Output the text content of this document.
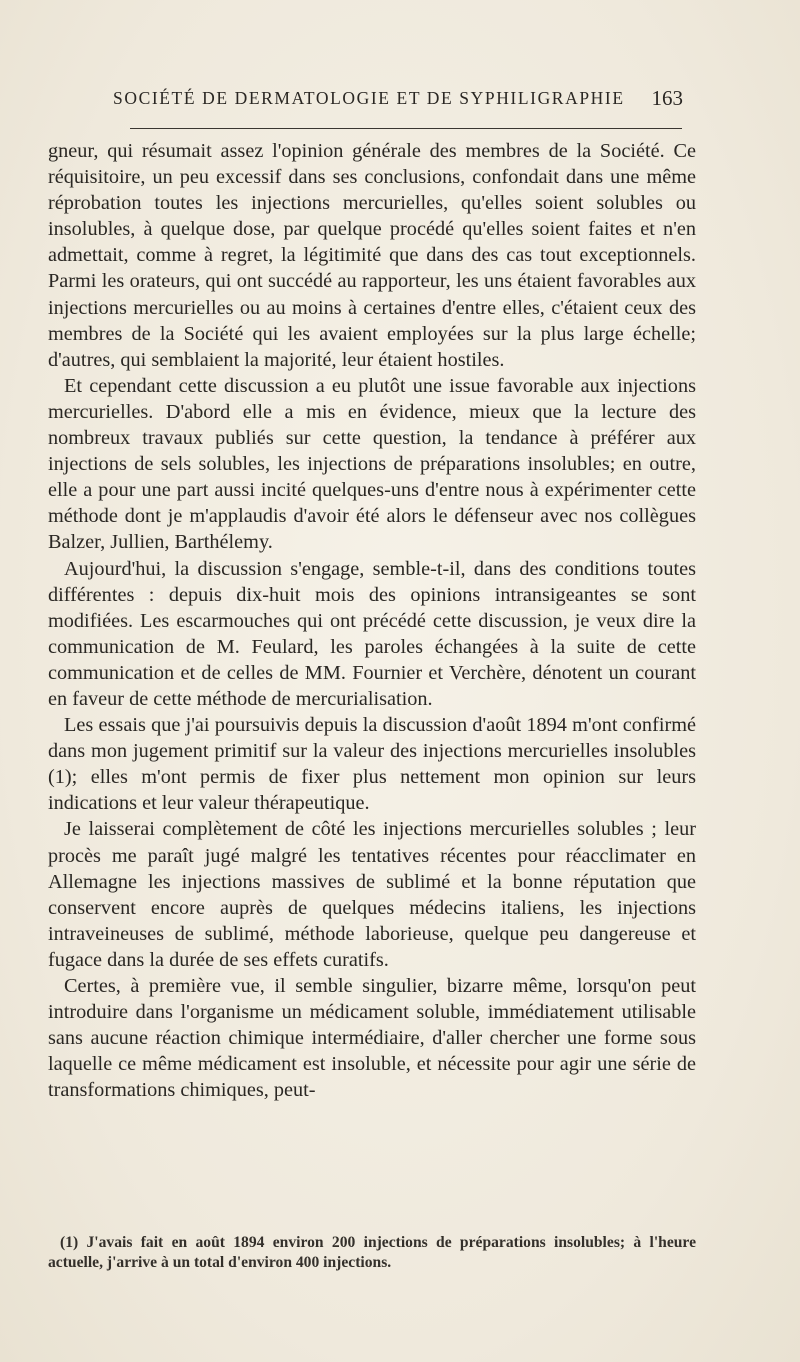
SOCIÉTÉ DE DERMATOLOGIE ET DE SYPHILIGRAPHIE 163

gneur, qui résumait assez l'opinion générale des membres de la Société. Ce réquisitoire, un peu excessif dans ses conclusions, confondait dans une même réprobation toutes les injections mercurielles, qu'elles soient solubles ou insolubles, à quelque dose, par quelque procédé qu'elles soient faites et n'en admettait, comme à regret, la légitimité que dans des cas tout exceptionnels. Parmi les orateurs, qui ont succédé au rapporteur, les uns étaient favorables aux injections mercurielles ou au moins à certaines d'entre elles, c'étaient ceux des membres de la Société qui les avaient employées sur la plus large échelle; d'autres, qui semblaient la majorité, leur étaient hostiles.

Et cependant cette discussion a eu plutôt une issue favorable aux injections mercurielles. D'abord elle a mis en évidence, mieux que la lecture des nombreux travaux publiés sur cette question, la tendance à préférer aux injections de sels solubles, les injections de préparations insolubles; en outre, elle a pour une part aussi incité quelques-uns d'entre nous à expérimenter cette méthode dont je m'applaudis d'avoir été alors le défenseur avec nos collègues Balzer, Jullien, Barthélemy.

Aujourd'hui, la discussion s'engage, semble-t-il, dans des conditions toutes différentes : depuis dix-huit mois des opinions intransigeantes se sont modifiées. Les escarmouches qui ont précédé cette discussion, je veux dire la communication de M. Feulard, les paroles échangées à la suite de cette communication et de celles de MM. Fournier et Verchère, dénotent un courant en faveur de cette méthode de mercurialisation.

Les essais que j'ai poursuivis depuis la discussion d'août 1894 m'ont confirmé dans mon jugement primitif sur la valeur des injections mercurielles insolubles (1); elles m'ont permis de fixer plus nettement mon opinion sur leurs indications et leur valeur thérapeutique.

Je laisserai complètement de côté les injections mercurielles solubles ; leur procès me paraît jugé malgré les tentatives récentes pour réacclimater en Allemagne les injections massives de sublimé et la bonne réputation que conservent encore auprès de quelques médecins italiens, les injections intraveineuses de sublimé, méthode laborieuse, quelque peu dangereuse et fugace dans la durée de ses effets curatifs.

Certes, à première vue, il semble singulier, bizarre même, lorsqu'on peut introduire dans l'organisme un médicament soluble, immédiatement utilisable sans aucune réaction chimique intermédiaire, d'aller chercher une forme sous laquelle ce même médicament est insoluble, et nécessite pour agir une série de transformations chimiques, peut-

(1) J'avais fait en août 1894 environ 200 injections de préparations insolubles; à l'heure actuelle, j'arrive à un total d'environ 400 injections.
